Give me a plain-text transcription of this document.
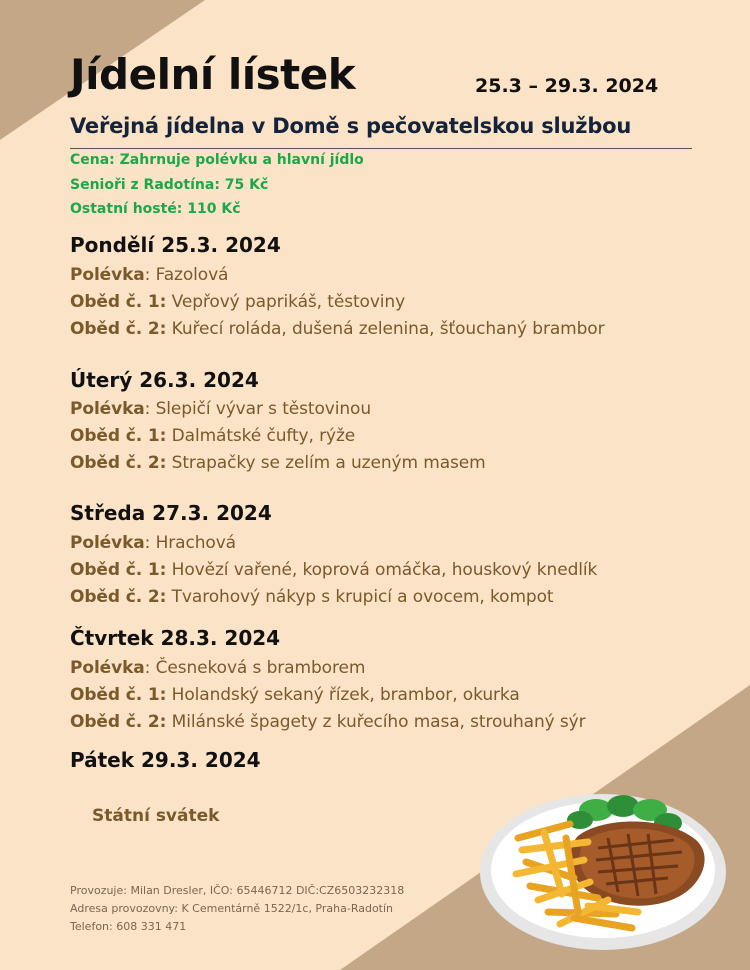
Jídelní lístek	25.3 – 29.3. 2024
Veřejná jídelna v Domě s pečovatelskou službou
Cena: Zahrnuje polévku a hlavní jídlo
Senioři z Radotína: 75 Kč
Ostatní hosté: 110 Kč
Pondělí 25.3. 2024
Polévka: Fazolová
Oběd č. 1: Vepřový paprikáš, těstoviny
Oběd č. 2: Kuřecí roláda, dušená zelenina, šťouchaný brambor
Úterý 26.3. 2024
Polévka: Slepičí vývar s těstovinou
Oběd č. 1: Dalmátské čufty, rýže
Oběd č. 2: Strapačky se zelím a uzeným masem
Středa 27.3. 2024
Polévka: Hrachová
Oběd č. 1: Hovězí vařené, koprová omáčka, houskový knedlík
Oběd č. 2: Tvarohový nákyp s krupicí a ovocem, kompot
Čtvrtek 28.3. 2024
Polévka: Česneková s bramborem
Oběd č. 1: Holandský sekaný řízek, brambor, okurka
Oběd č. 2: Milánské špagety z kuřecího masa, strouhaný sýr
Pátek 29.3. 2024
Státní svátek
Provozuje: Milan Dresler, IČO: 65446712 DIČ:CZ6503232318
Adresa provozovny: K Cementárně 1522/1c, Praha-Radotín
Telefon: 608 331 471
